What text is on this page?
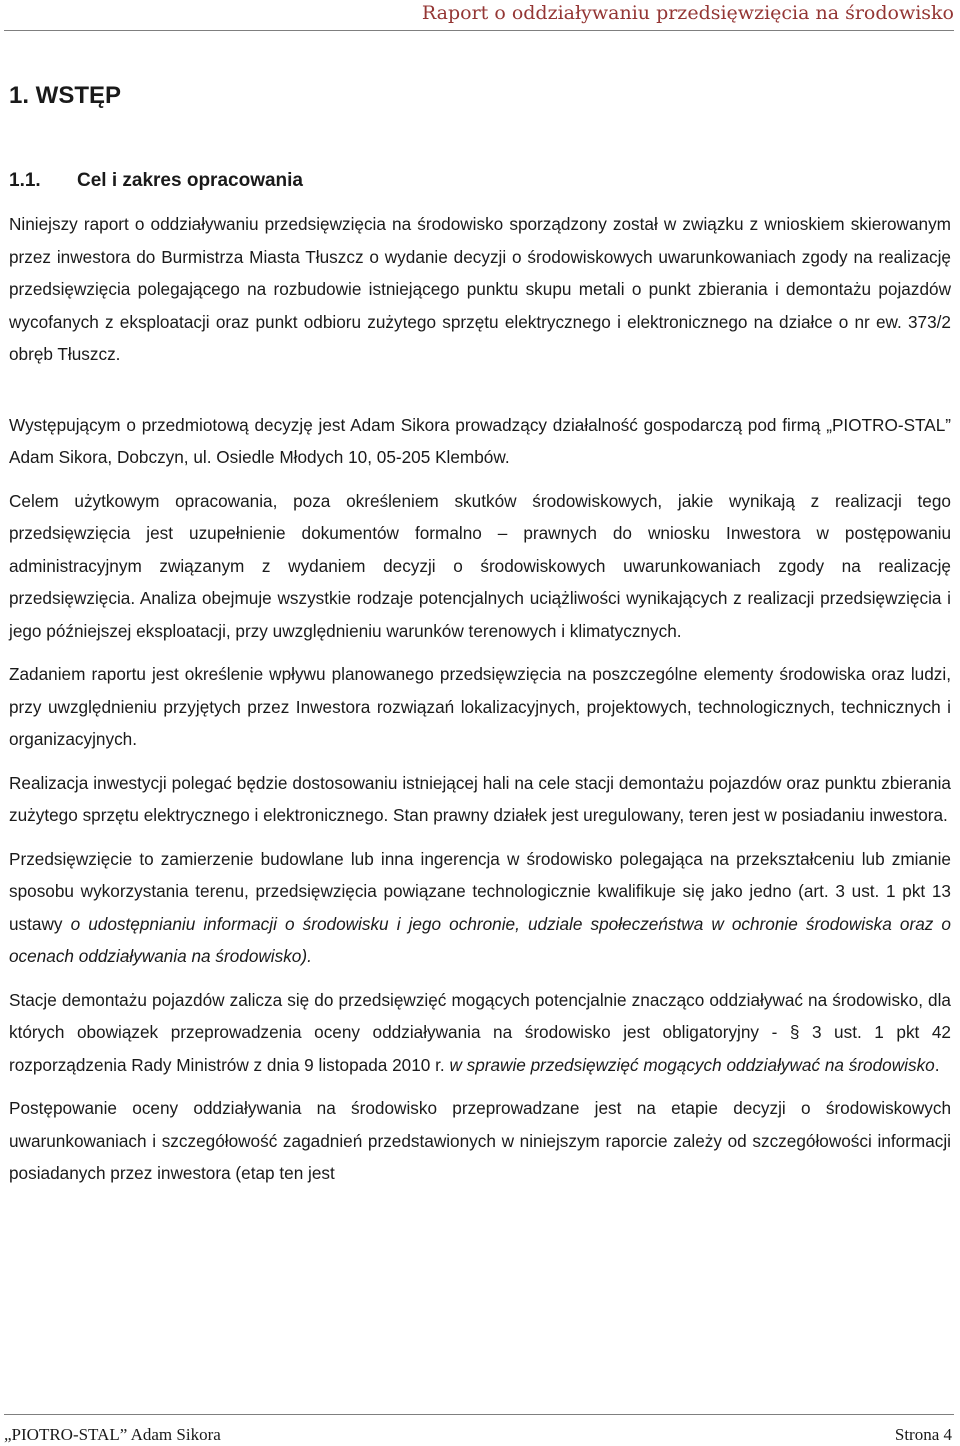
Raport o oddziaływaniu przedsięwzięcia na środowisko
1. WSTĘP
1.1. Cel i zakres opracowania

Niniejszy raport o oddziaływaniu przedsięwzięcia na środowisko sporządzony został w związku z wnioskiem skierowanym przez inwestora do Burmistrza Miasta Tłuszcz o wydanie decyzji o środowiskowych uwarunkowaniach zgody na realizację przedsięwzięcia polegającego na rozbudowie istniejącego punktu skupu metali o punkt zbierania i demontażu pojazdów wycofanych z eksploatacji oraz punkt odbioru zużytego sprzętu elektrycznego i elektronicznego na działce o nr ew. 373/2 obręb Tłuszcz.

Występującym o przedmiotową decyzję jest Adam Sikora prowadzący działalność gospodarczą pod firmą „PIOTRO-STAL” Adam Sikora, Dobczyn, ul. Osiedle Młodych 10, 05-205 Klembów.

Celem użytkowym opracowania, poza określeniem skutków środowiskowych, jakie wynikają z realizacji tego przedsięwzięcia jest uzupełnienie dokumentów formalno – prawnych do wniosku Inwestora w postępowaniu administracyjnym związanym z wydaniem decyzji o środowiskowych uwarunkowaniach zgody na realizację przedsięwzięcia. Analiza obejmuje wszystkie rodzaje potencjalnych uciążliwości wynikających z realizacji przedsięwzięcia i jego późniejszej eksploatacji, przy uwzględnieniu warunków terenowych i klimatycznych.

Zadaniem raportu jest określenie wpływu planowanego przedsięwzięcia na poszczególne elementy środowiska oraz ludzi, przy uwzględnieniu przyjętych przez Inwestora rozwiązań lokalizacyjnych, projektowych, technologicznych, technicznych i organizacyjnych.

Realizacja inwestycji polegać będzie dostosowaniu istniejącej hali na cele stacji demontażu pojazdów oraz punktu zbierania zużytego sprzętu elektrycznego i elektronicznego. Stan prawny działek jest uregulowany, teren jest w posiadaniu inwestora.

Przedsięwzięcie to zamierzenie budowlane lub inna ingerencja w środowisko polegająca na przekształceniu lub zmianie sposobu wykorzystania terenu, przedsięwzięcia powiązane technologicznie kwalifikuje się jako jedno (art. 3 ust. 1 pkt 13 ustawy o udostępnianiu informacji o środowisku i jego ochronie, udziale społeczeństwa w ochronie środowiska oraz o ocenach oddziaływania na środowisko).

Stacje demontażu pojazdów zalicza się do przedsięwzięć mogących potencjalnie znacząco oddziaływać na środowisko, dla których obowiązek przeprowadzenia oceny oddziaływania na środowisko jest obligatoryjny - § 3 ust. 1 pkt 42 rozporządzenia Rady Ministrów z dnia 9 listopada 2010 r. w sprawie przedsięwzięć mogących oddziaływać na środowisko.

Postępowanie oceny oddziaływania na środowisko przeprowadzane jest na etapie decyzji o środowiskowych uwarunkowaniach i szczegółowość zagadnień przedstawionych w niniejszym raporcie zależy od szczegółowości informacji posiadanych przez inwestora (etap ten jest

„PIOTRO-STAL” Adam Sikora	Strona 4
